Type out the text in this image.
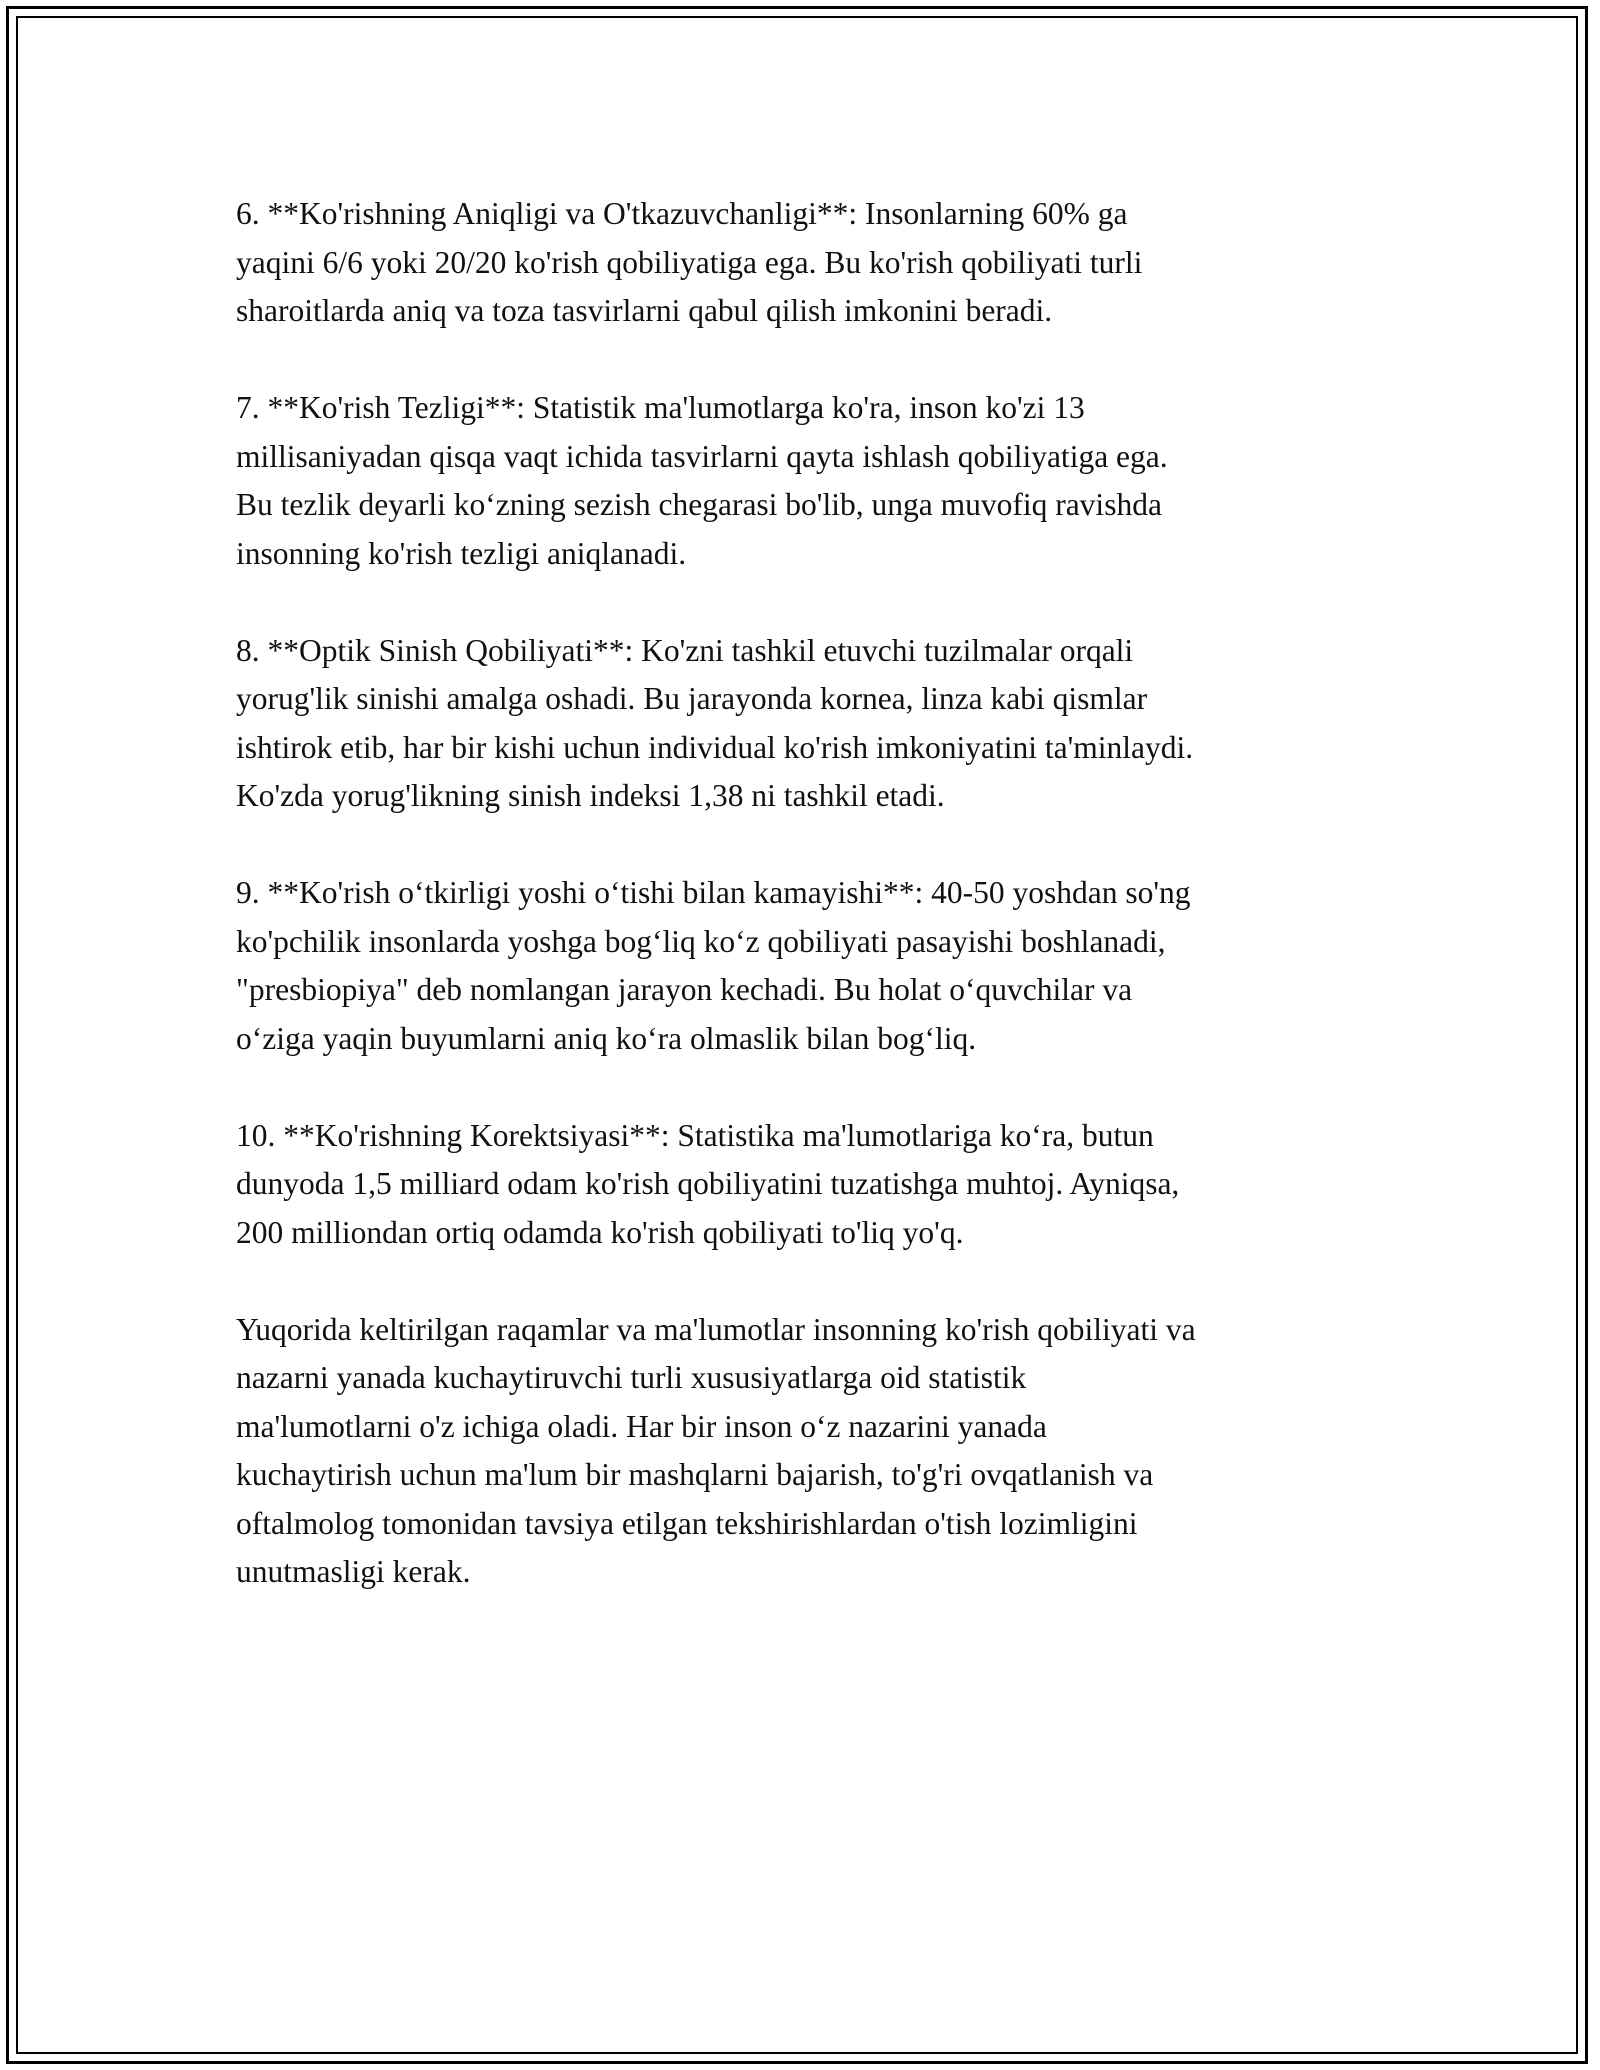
6. **Ko'rishning Aniqligi va O'tkazuvchanligi**: Insonlarning 60% ga
yaqini 6/6 yoki 20/20 ko'rish qobiliyatiga ega. Bu ko'rish qobiliyati turli
sharoitlarda aniq va toza tasvirlarni qabul qilish imkonini beradi.

7. **Ko'rish Tezligi**: Statistik ma'lumotlarga ko'ra, inson ko'zi 13
millisaniyadan qisqa vaqt ichida tasvirlarni qayta ishlash qobiliyatiga ega.
Bu tezlik deyarli ko‘zning sezish chegarasi bo'lib, unga muvofiq ravishda
insonning ko'rish tezligi aniqlanadi.

8. **Optik Sinish Qobiliyati**: Ko'zni tashkil etuvchi tuzilmalar orqali
yorug'lik sinishi amalga oshadi. Bu jarayonda kornea, linza kabi qismlar
ishtirok etib, har bir kishi uchun individual ko'rish imkoniyatini ta'minlaydi.
Ko'zda yorug'likning sinish indeksi 1,38 ni tashkil etadi.

9. **Ko'rish o‘tkirligi yoshi o‘tishi bilan kamayishi**: 40-50 yoshdan so'ng
ko'pchilik insonlarda yoshga bog‘liq ko‘z qobiliyati pasayishi boshlanadi,
"presbiopiya" deb nomlangan jarayon kechadi. Bu holat o‘quvchilar va
o‘ziga yaqin buyumlarni aniq ko‘ra olmaslik bilan bog‘liq.

10. **Ko'rishning Korektsiyasi**: Statistika ma'lumotlariga ko‘ra, butun
dunyoda 1,5 milliard odam ko'rish qobiliyatini tuzatishga muhtoj. Ayniqsa,
200 milliondan ortiq odamda ko'rish qobiliyati to'liq yo'q.

Yuqorida keltirilgan raqamlar va ma'lumotlar insonning ko'rish qobiliyati va
nazarni yanada kuchaytiruvchi turli xususiyatlarga oid statistik
ma'lumotlarni o'z ichiga oladi. Har bir inson o‘z nazarini yanada
kuchaytirish uchun ma'lum bir mashqlarni bajarish, to'g'ri ovqatlanish va
oftalmolog tomonidan tavsiya etilgan tekshirishlardan o'tish lozimligini
unutmasligi kerak.
